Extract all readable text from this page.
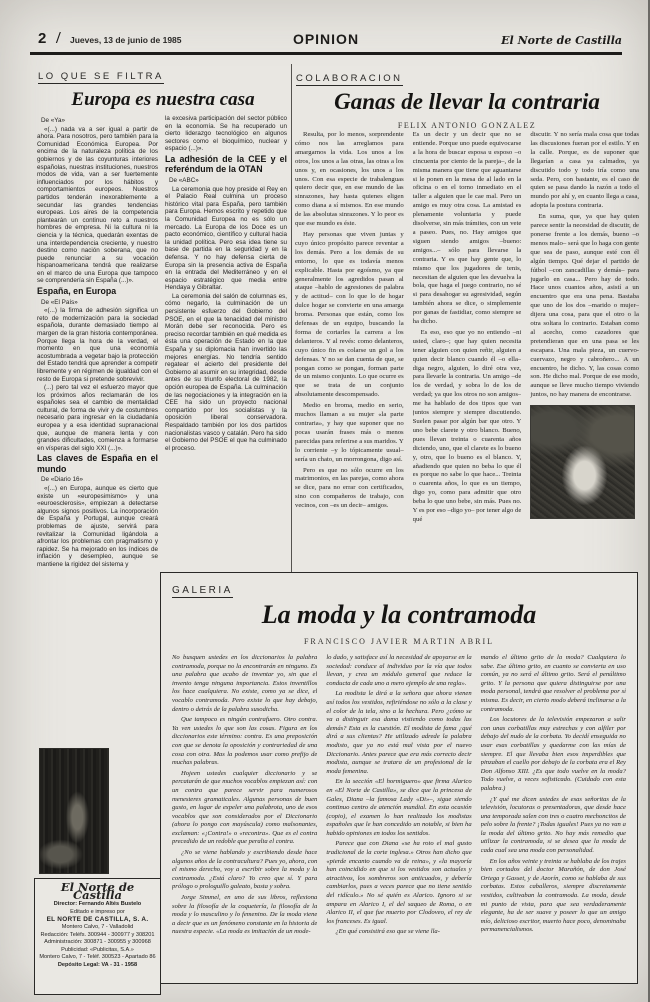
2 / Jueves, 13 de junio de 1985	OPINION	El Norte de Castilla
LO QUE SE FILTRA
Europa es nuestra casa

De «Ya»

«(...) nada va a ser igual a partir de ahora. Para nosotros, pero también para la Comunidad Económica Europea. Por encima de la naturaleza política de los gobiernos y de las coyunturas interiores españolas, nuestras instituciones, nuestros modos de vida, van a ser fuertemente influenciados por los hábitos y comportamientos europeos. Nuestros partidos tenderán inexorablemente a secundar las grandes tendencias europeas. Los aires de la competencia plantearán un continuo reto a nuestros hombres de empresa. Ni la cultura ni la ciencia y la técnica, quedarán exentas de una interdependencia creciente, y nuestro destino como nación soberana, que no puede renunciar a su vocación hispanoamericana tendrá que realizarse en el marco de una Europa que tampoco se comprendería sin España (...)».

España, en Europa

De «El País»

«(...) la firma de adhesión significa un reto de modernización para la sociedad española, durante demasiado tiempo al margen de la gran historia contemporánea. Porque llega la hora de la verdad, el momento en que una economía acostumbrada a vegetar bajo la protección del Estado tendrá que aprender a competir libremente y en régimen de igualdad con el resto de Europa si pretende sobrevivir.

(...) pero tal vez el esfuerzo mayor que los próximos años reclamarán de los españoles sea el cambio de mentalidad cultural, de forma de vivir y de costumbres necesario para ingresar en la ciudadanía europea y a esa identidad supranacional que, aunque de manera lenta y con grandes dificultades, comienza a formarse en vísperas del siglo XXI (...)».

Las claves de España en el mundo

De «Diario 16»

«(...) en Europa, aunque es cierto que existe un «europesimismo» y una «euroesclerosis», empiezan a detectarse algunos signos positivos. La incorporación de España y Portugal, aunque creará problemas de ajuste, servirá para revitalizar la Comunidad ligándola a afrontar los problemas con pragmatismo y rapidez. Se ha mejorado en los índices de inflación y desempleo, aunque se mantiene la rigidez del sistema y

la excesiva participación del sector público en la economía. Se ha recuperado un cierto liderazgo tecnológico en algunos sectores como el bioquímico, nuclear y espacio (...)».

La adhesión de la CEE y el referéndum de la OTAN

De «ABC»

La ceremonia que hoy preside el Rey en el Palacio Real culmina un proceso histórico vital para España, pero también para Europa. Hemos escrito y repetido que la Comunidad Europea no es sólo un mercado. La Europa de los Doce es un pacto económico, científico y cultural hacia la unidad política. Pero esa idea tiene su base de partida en la seguridad y en la defensa. Y no hay defensa cierta de Europa sin la presencia activa de España en la entrada del Mediterráneo y en el espacio estratégico que media entre Hendaya y Gibraltar.

La ceremonia del salón de columnas es, cómo negarlo, la culminación de un persistente esfuerzo del Gobierno del PSOE, en el que la tenacidad del ministro Morán debe ser reconocida. Pero es preciso recordar también en qué medida es ésta una operación de Estado en la que España y su diplomacia han invertido las mejores energías. No tendría sentido regatear el acierto del presidente del Gobierno al asumir en su integridad, desde antes de su triunfo electoral de 1982, la opción europea de España. La culminación de las negociaciones y la integración en la CEE ha sido un proyecto nacional compartido por los socialistas y la oposición liberal conservadora. Respaldado también por los dos partidos nacionalistas vasco y catalán. Pero ha sido el Gobierno del PSOE el que ha culminado el proceso.

COLABORACION
Ganas de llevar la contraria
FELIX ANTONIO GONZALEZ

Resulta, por lo menos, sorprendente cómo nos las arreglamos para amargarnos la vida. Los unos a los otros, los unos a las otras, las otras a los unos y, en ocasiones, los unos a los unos. Con esa especie de trabalenguas quiero decir que, en ese mundo de las sinrazones, hay hasta quienes eligen como diana a sí mismos. En ese mundo de las absolutas sinrazones. Y lo peor es que ese mundo es éste.

Hay personas que viven juntas y cuyo único propósito parece reventar a los demás. Pero a los demás de su entorno, lo que es todavía menos explicable. Hasta por egoísmo, ya que generalmente los agredidos pasan al ataque –hablo de agresiones de palabra y de actitud– con lo que lo de hogar dulce hogar se convierte en una amarga broma. Personas que están, como los defensas de un equipo, buscando la forma de cortarles la carrera a los delanteros. Y al revés: como delanteros, cuyo único fin es colarse un gol a los defensas. Y no se dan cuenta de que, se pongan como se pongan, forman parte de un mismo conjunto. Lo que ocurre es que se trata de un conjunto absolutamente descompensado.

Medio en broma, medio en serio, muchos llaman a su mujer «la parte contraria», y hay que suponer que no pocas usarán frases más o menos parecidas para referirse a sus maridos. Y lo corriente –y lo tópicamente usual– sería un chato, un morrongona, digo así.

Pero es que no sólo ocurre en los matrimonios, en las parejas, como ahora se dice, para no errar con certificados, sino con compañeros de trabajo, con vecinos, con –es un decir– amigos.

Es un decir y un decir que no se entiende. Porque uno puede equivocarse a la hora de buscar esposa u esposo –o cincuenta por ciento de la pareja–, de la misma manera que tiene que aguantarse si le ponen en la mesa de al lado en la oficina o en el torno inmediato en el taller a alguien que le cae mal. Pero un amigo es muy otra cosa. La amistad es plenamente voluntaria y puede disolverse, sin más trámites, con un vete a paseo. Pues, no. Hay amigos que siguen siendo amigos –bueno: amigos...– sólo para llevarse la contraria. Y es que hay gente que, lo mismo que los jugadores de tenis, necesitan de alguien que les devuelva la bola, que haga el juego contrario, no sé si para desahogar su agresividad, según también ahora se dice, o simplemente por ganas de fastidiar, como siempre se ha dicho.

Es eso, eso que yo no entiendo –ni usted, claro–; que hay quien necesita tener alguien con quien reñir, alguien a quien decir blanco cuando él –o ella– diga negro, alguien, lo diré otra vez, para llevarle la contraria. Un amigo –de los de verdad, y sobra lo de los de verdad; ya que los otros no son amigos– me ha hablado de dos tipos que van juntos siempre y siempre discutiendo. Suelen pasar por algún bar que otro. Y uno bebe clarete y otro blanco. Bueno, pues llevan treinta o cuarenta años diciendo, uno, que el clarete es lo bueno y, otro, que lo bueno es el blanco. Y, añadiendo que quien no beba lo que él es porque no sabe lo que hace... Treinta o cuarenta años, lo que es un tiempo, digo yo, como para admitir que otro beba lo que uno bebe, sin más. Pues no. Y es por eso –digo yo– por tener algo de qué

discutir. Y no sería mala cosa que todas las discusiones fueran por el estilo. Y en la calle. Porque, es de suponer que llegarían a casa ya calmados, ya discutido todo y todo iría como una seda. Pero, con bastante, es el caso de quien se pasa dando la razón a todo el mundo por ahí y, en cuanto llega a casa, adopta la postura contraria.

En suma, que, ya que hay quien parece sentir la necesidad de discutir, de ponerse frente a los demás, bueno –o menos malo– será que lo haga con gente que sea de paso, aunque esté con él algún tiempo. Qué dejar el partido de fútbol –con zancadillas y demás– para jugarlo en casa... Pero hay de todo. Hace unos cuantos años, asistí a un encuentro que era una pena. Bastaba que uno de los dos –marido o mujer– dijera una cosa, para que el otro o la otra soltara lo contrario. Estaban como al acecho, como cazadores que pretendieran que en una pasa se les escapara. Una mala pieza, un cuervo-cuervazo, negro y cabroñero... A un encuentro, he dicho. Y, las cosas como son. He dicho mal. Porque de ese modo, aunque se lleve mucho tiempo viviendo juntos, no hay manera de encontrarse.

GALERIA
La moda y la contramoda
FRANCISCO JAVIER MARTIN ABRIL

No busquen ustedes en los diccionarios la palabra contramoda, porque no la encontrarán en ninguno. Es una palabra que acabo de inventar yo, sin que el invento tenga ninguna importancia. Estos inventillos los hace cualquiera. No existe, como ya se dice, el vocablo contramoda. Pero existe lo que hay debajo, dentro o detrás de la palabra susodicha.

Que tampoco es ningún contrafuero. Otro contra. Ya ven ustedes lo que son las cosas. Figura en los diccionarios este término: contra. Es una preposición con que se denota la oposición y contrariedad de una cosa con otra. Mas la podemos usar como prefijo de muchas palabras.

Hojeen ustedes cualquier diccionario y se percatarán de que muchos vocablos empiezan así: con un contra que parece servir para numerosos menesteres gramaticales. Algunas personas de buen gusto, en lugar de expeler una palabrota, uno de esos vocablos que son considerados por el Diccionario (ahora lo pongo con mayúscula) como malsonantes, exclaman: «¡Contra!» o «recontra». Que es el contra precedido de un redoble que peralta el contra.

¿No se viene hablando y escribiendo desde hace algunos años de la contracultura? Pues yo, ahora, con el mismo derecho, voy a escribir sobre la moda y la contramoda. ¿Está claro? Yo creo que sí. Y para prólogo o prologuillo galeato, basta y sobra.

Jorge Simmel, en uno de sus libros, reflexiona sobre la filosofía de la coquetería, la filosofía de la moda y lo masculino y lo femenino. De la moda viene a decir que es un fenómeno constante en la historia de nuestra especie. «La moda es imitación de un mode-

lo dado, y satisface así la necesidad de apoyarse en la sociedad: conduce al individuo por la vía que todos llevan, y crea un módulo general que reduce la conducta de cada uno a mero ejemplo de una regla».

La modista le dirá a la señora que ahora vienen así todos los vestidos, refiriéndose no sólo a la clase y el color de la tela, sino a la hechura. Pero ¿cómo se va a distinguir esa dama vistiendo como todas las demás? Esta es la cuestión. El modista de fama ¿qué dirá a sus clientas? He utilizado adrede la palabra modisto, que ya no está mal vista por el nuevo Diccionario. Antes parece que era más correcto decir modista, aunque se tratara de un profesional de la moda femenina.

En la sección «El hormiguero» que firma Alarico en «El Norte de Castilla», se dice que la princesa de Gales, Diana –la famosa Lady «Di»–, sigue siendo continuo centro de atención mundial. En esta ocasión (copio), el examen lo han realizado los modistas españoles que le han concedido un notable, si bien ha habido opiniones en todos los sentidos.

Parece que con Diana «se ha roto el mal gusto tradicional de la corte inglesa.» Otros han dicho que «pierde encanto cuando va de reina», y «la mayoría han coincidido en que si los vestidos son actuales y atractivos, los sombreros son anticuados, y debería cambiarlos, pues a veces parece que no tiene sentido del ridículo.» No sé quién es Alarico. Ignoro si se ampara en Alarico I, el del saqueo de Roma, o en Alarico II, el que fue muerto por Clodoveo, el rey de los franceses. Es igual.

¿En qué consistirá eso que se viene lla-

mando el último grito de la moda? Cualquiera lo sabe. Ese último grito, en cuanto se convierta en uso común, ya no será el último grito. Será el penúltimo grito. Y la persona que quiera distinguirse por una moda personal, tendrá que resolver el problema por sí misma. Es decir, en cierto modo deberá inclinarse a la contramoda.

Los locutores de la televisión empezaron a salir con unas corbatillas muy estrechas y con alfiler por debajo del nudo de la corbata. Yo decidí enseguida no usar esas corbatillas y quedarme con las mías de siempre. El que llevaba bien esos imperdibles que pinzaban el cuello por debajo de la corbata era el Rey Don Alfonso XIII. ¿Es que todo vuelve en la moda? Todo vuelve, a veces sofisticado. (Cuidado con esta palabra.)

¿Y qué me dicen ustedes de esas señoritas de la televisión, locutoras o presentadoras, que desde hace una temporada salen con tres o cuatro mechoncitos de pelo sobre la frente? ¡Todas iguales! Pues ya no van a la moda del último grito. No hay más remedio que utilizar la contramoda, si se desea que la moda de cada cual sea una moda con personalidad.

En los años veinte y treinta se hablaba de los trajes bien cortados del doctor Marañón, de don José Ortega y Gasset, y de Azorín, como se hablaba de sus corbatas. Estos caballeros, siempre discretamente vestidos, cultivaban la contramoda. La moda, desde mi punto de vista, para que sea verdaderamente elegante, ha de ser suave y poseer lo que un amigo mío, delicioso escritor, muerto hace poco, denominaba permanencialismos.

El Norte de Castilla
Director: Fernando Altés Bustelo
Editado e impreso por
EL NORTE DE CASTILLA, S. A.
Montero Calvo, 7 - Valladolid
Redacción: Teléfs. 300944 - 300977 y 308201
Administración: 300871 - 300955 y 300968
Publicidad: «Publicitas, S.A.»
Montero Calvo, 7 - Teléf. 300523 - Apartado 86
Depósito Legal: VA - 31 - 1958
